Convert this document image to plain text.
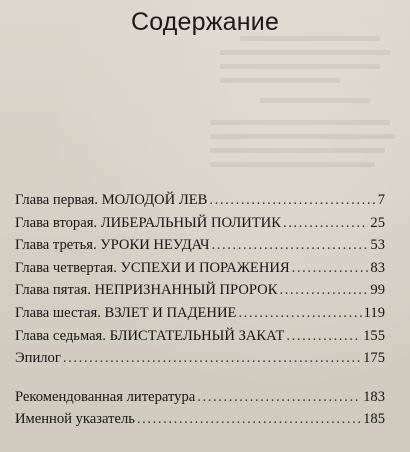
Содержание
Глава первая. МОЛОДОЙ ЛЕВ .....	7
Глава вторая. ЛИБЕРАЛЬНЫЙ ПОЛИТИК .....	25
Глава третья. УРОКИ НЕУДАЧ .....	53
Глава четвертая. УСПЕХИ И ПОРАЖЕНИЯ .....	83
Глава пятая. НЕПРИЗНАННЫЙ ПРОРОК .....	99
Глава шестая. ВЗЛЕТ И ПАДЕНИЕ .....	119
Глава седьмая. БЛИСТАТЕЛЬНЫЙ ЗАКАТ .....	155
Эпилог .....	175
Рекомендованная литература .....	183
Именной указатель .....	185
